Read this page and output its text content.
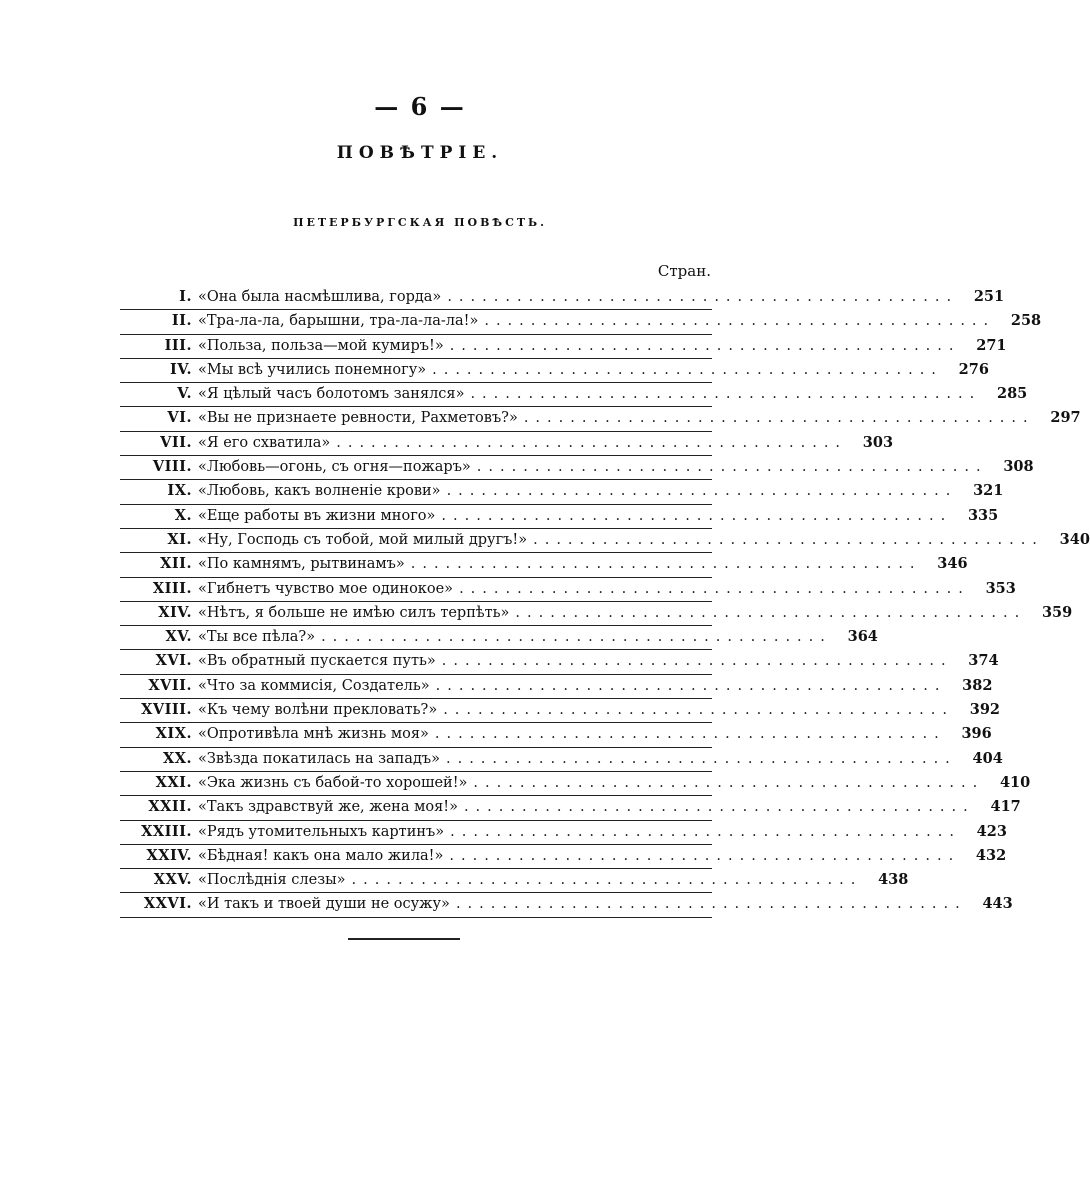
— 6 —
ПОВѢТРІЕ.
ПЕТЕРБУРГСКАЯ ПОВѢСТЬ.
Стран.
I. «Она была насмѣшлива, горда» ............................................	251
II. «Тра-ла-ла, барышни, тра-ла-ла-ла!» ............................................	258
III. «Польза, польза—мой кумиръ!» ............................................	271
IV. «Мы всѣ учились понемногу» ............................................	276
V. «Я цѣлый часъ болотомъ занялся» ............................................	285
VI. «Вы не признаете ревности, Рахметовъ?» ............................................	297
VII. «Я его схватила» ............................................	303
VIII. «Любовь—огонь, съ огня—пожаръ» ............................................	308
IX. «Любовь, какъ волненіе крови» ............................................	321
X. «Еще работы въ жизни много» ............................................	335
XI. «Ну, Господь съ тобой, мой милый другъ!» ............................................	340
XII. «По камнямъ, рытвинамъ» ............................................	346
XIII. «Гибнетъ чувство мое одинокое» ............................................	353
XIV. «Нѣтъ, я больше не имѣю силъ терпѣть» ............................................	359
XV. «Ты все пѣла?» ............................................	364
XVI. «Въ обратный пускается путь» ............................................	374
XVII. «Что за коммисія, Создатель» ............................................	382
XVIII. «Къ чему волѣни прекловать?» ............................................	392
XIX. «Опротивѣла мнѣ жизнь моя» ............................................	396
XX. «Звѣзда покатилась на западъ» ............................................	404
XXI. «Эка жизнь съ бабой-то хорошей!» ............................................	410
XXII. «Такъ здравствуй же, жена моя!» ............................................	417
XXIII. «Рядъ утомительныхъ картинъ» ............................................	423
XXIV. «Бѣдная! какъ она мало жила!» ............................................	432
XXV. «Послѣднія слезы» ............................................	438
XXVI. «И такъ и твоей души не осужу» ............................................	443
